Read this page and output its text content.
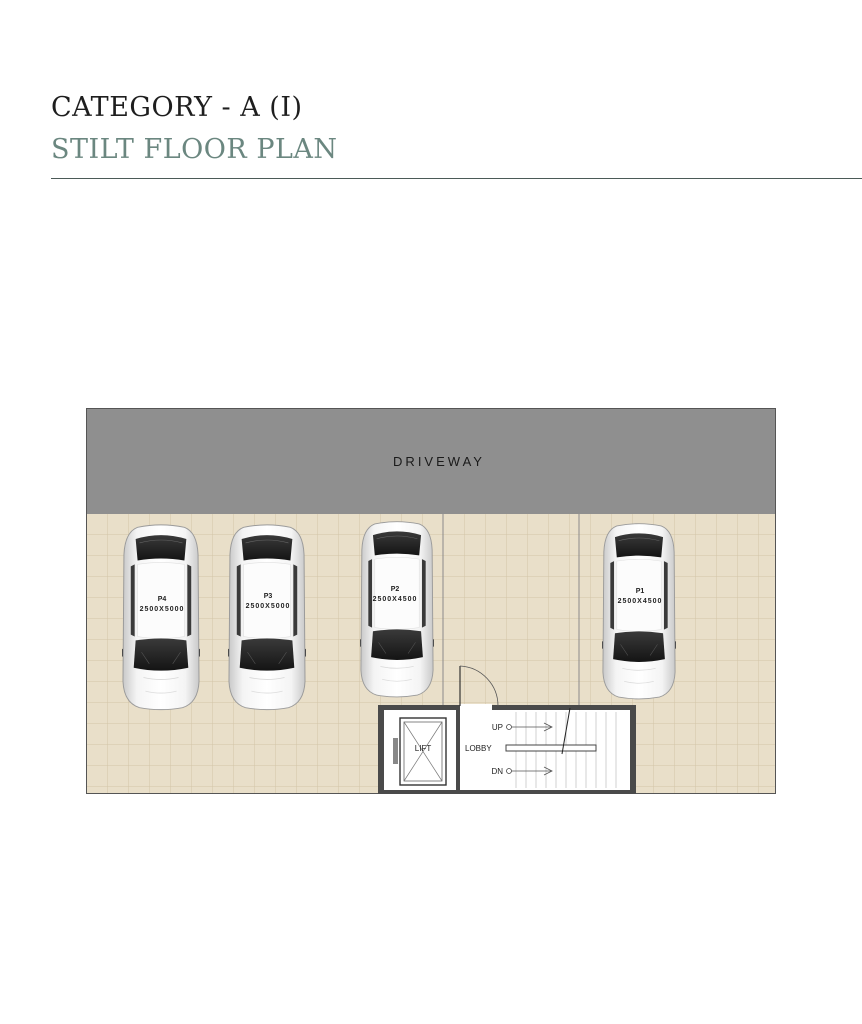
CATEGORY - A (I)
STILT FLOOR PLAN
DRIVEWAY
P4
2500X5000
P3
2500X5000
P2
2500X4500
P1
2500X4500
LIFT
UP
LOBBY
DN
